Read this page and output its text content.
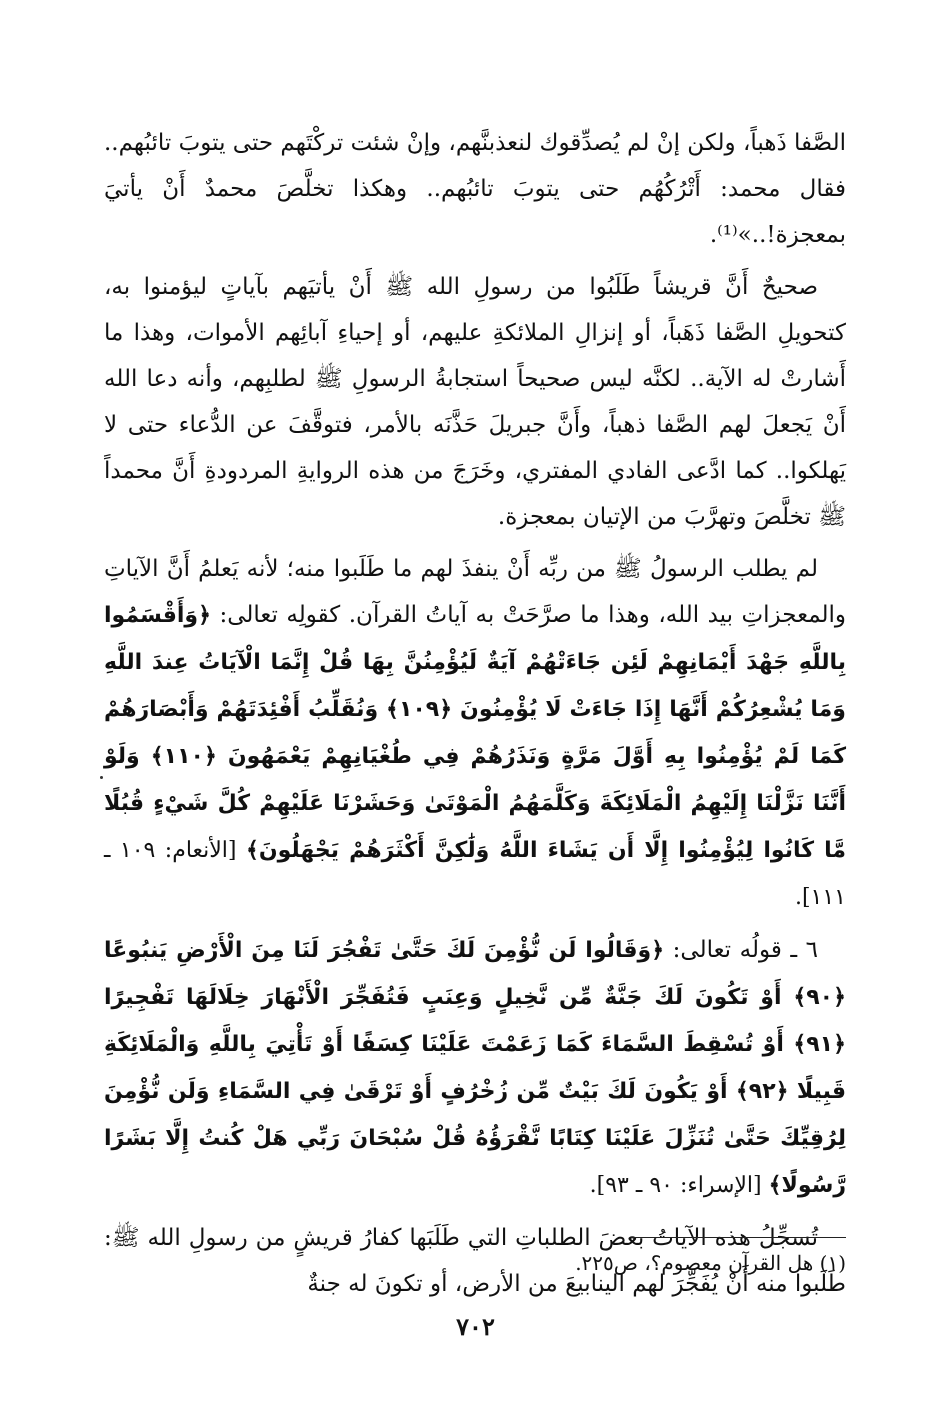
الصَّفا ذَهباً، ولكن إنْ لم يُصدِّقوك لنعذبنَّهم، وإنْ شئت تركْتَهم حتى يتوبَ تائبُهم.. فقال محمد: أَتْرُكُهُم حتى يتوبَ تائبُهم.. وهكذا تخلَّصَ محمدٌ أَنْ يأتيَ بمعجزة!..»⁽¹⁾.

صحيحٌ أَنَّ قريشاً طَلَبُوا من رسولِ الله ﷺ أَنْ يأتيَهم بآياتٍ ليؤمنوا به، كتحويلِ الصَّفا ذَهَباً، أو إنزالِ الملائكةِ عليهم، أو إحياءِ آبائِهم الأموات، وهذا ما أَشارتْ له الآية.. لكنَّه ليس صحيحاً استجابةُ الرسولِ ﷺ لطلبِهم، وأنه دعا الله أَنْ يَجعلَ لهم الصَّفا ذهباً، وأَنَّ جبريلَ حَذَّنَه بالأمر، فتوقَّفَ عن الدُّعاء حتى لا يَهلكوا.. كما ادَّعى الفادي المفتري، وخَرَجَ من هذه الروايةِ المردودةِ أَنَّ محمداً ﷺ تخلَّصَ وتهرَّبَ من الإتيان بمعجزة.

لم يطلب الرسولُ ﷺ من ربِّه أَنْ ينفذَ لهم ما طَلَبوا منه؛ لأنه يَعلمُ أَنَّ الآياتِ والمعجزاتِ بيد الله، وهذا ما صرَّحَتْ به آياتُ القرآن. كقولِه تعالى: ﴿وَأَقْسَمُوا بِاللَّهِ جَهْدَ أَيْمَانِهِمْ لَئِن جَاءَتْهُمْ آيَةٌ لَيُؤْمِنُنَّ بِهَا قُلْ إِنَّمَا الْآيَاتُ عِندَ اللَّهِ وَمَا يُشْعِرُكُمْ أَنَّهَا إِذَا جَاءَتْ لَا يُؤْمِنُونَ ﴿١٠٩﴾ وَنُقَلِّبُ أَفْئِدَتَهُمْ وَأَبْصَارَهُمْ كَمَا لَمْ يُؤْمِنُوا بِهِ أَوَّلَ مَرَّةٍ وَنَذَرُهُمْ فِي طُغْيَانِهِمْ يَعْمَهُونَ ﴿١١٠﴾ وَلَوْ أَنَّنَا نَزَّلْنَا إِلَيْهِمُ الْمَلَائِكَةَ وَكَلَّمَهُمُ الْمَوْتَىٰ وَحَشَرْنَا عَلَيْهِمْ كُلَّ شَيْءٍ قُبُلًا مَّا كَانُوا لِيُؤْمِنُوا إِلَّا أَن يَشَاءَ اللَّهُ وَلَٰكِنَّ أَكْثَرَهُمْ يَجْهَلُونَ﴾ [الأنعام: ١٠٩ ـ ١١١].

٦ ـ قولُه تعالى: ﴿وَقَالُوا لَن نُّؤْمِنَ لَكَ حَتَّىٰ تَفْجُرَ لَنَا مِنَ الْأَرْضِ يَنبُوعًا ﴿٩٠﴾ أَوْ تَكُونَ لَكَ جَنَّةٌ مِّن نَّخِيلٍ وَعِنَبٍ فَتُفَجِّرَ الْأَنْهَارَ خِلَالَهَا تَفْجِيرًا ﴿٩١﴾ أَوْ تُسْقِطَ السَّمَاءَ كَمَا زَعَمْتَ عَلَيْنَا كِسَفًا أَوْ تَأْتِيَ بِاللَّهِ وَالْمَلَائِكَةِ قَبِيلًا ﴿٩٢﴾ أَوْ يَكُونَ لَكَ بَيْتٌ مِّن زُخْرُفٍ أَوْ تَرْقَىٰ فِي السَّمَاءِ وَلَن نُّؤْمِنَ لِرُقِيِّكَ حَتَّىٰ تُنَزِّلَ عَلَيْنَا كِتَابًا نَّقْرَؤُهُ قُلْ سُبْحَانَ رَبِّي هَلْ كُنتُ إِلَّا بَشَرًا رَّسُولًا﴾ [الإسراء: ٩٠ ـ ٩٣].

تُسجِّلُ هذه الآياتُ بعضَ الطلباتِ التي طَلَبَها كفارُ قريشٍ من رسولِ الله ﷺ: طَلَبوا منه أَنْ يُفَجِّرَ لهم الينابيعَ من الأرض، أو تكونَ له جنةٌ

(١) هل القرآن معصوم؟، ص٢٢٥.
٧٠٢
